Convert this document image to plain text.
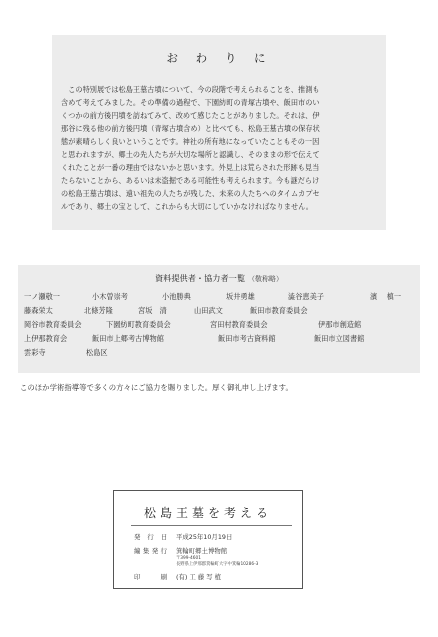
お わ り に
　この特別展では松島王墓古墳について、今の段階で考えられることを、推測も
含めて考えてみました。その準備の過程で、下園紡町の青塚古墳や、飯田市のい
くつかの前方後円墳を訪ねてみて、改めて感じたことがありました。それは、伊
那谷に残る他の前方後円墳（青塚古墳含め）と比べても、松島王墓古墳の保存状
態が素晴らしく良いということです。神社の所有地になっていたこともその一因
と思われますが、郷土の先人たちが大切な場所と認識し、そのままの形で伝えて
くれたことが一番の理由ではないかと思います。外見上は荒らされた形跡も見当
たらないことから、あるいは未盗掘である可能性も考えられます。今も謎だらけ
の松島王墓古墳は、遠い祖先の人たちが残した、未来の人たちへのタイムカプセ
ルであり、郷土の宝として、これからも大切にしていかなければなりません。
資料提供者・協力者一覧 （敬称略）
一ノ瀬敬一	小木曽崇考	小池勝典	坂井勇雄	澁谷恵美子	濱　 槙一
藤森栄太	北條芳隆	宮坂　清	山田武文	飯田市教育委員会
岡谷市教育委員会	下園紡町教育委員会	宮田村教育委員会	伊那市創造館
上伊那教育会	飯田市上郷考古博物館	飯田市考古資料館	飯田市立図書館
雲彩寺	松島区
このほか学術指導等で多くの方々にご協力を賜りました。厚く御礼申し上げます。
松島王墓を考える
発 行 日 平成25年10月19日
編集発行 箕輪町郷土博物館
〒399-4601
長野県上伊那郡箕輪町大字中箕輪10286-3
印　　刷 (有) 工 藤 写 植
